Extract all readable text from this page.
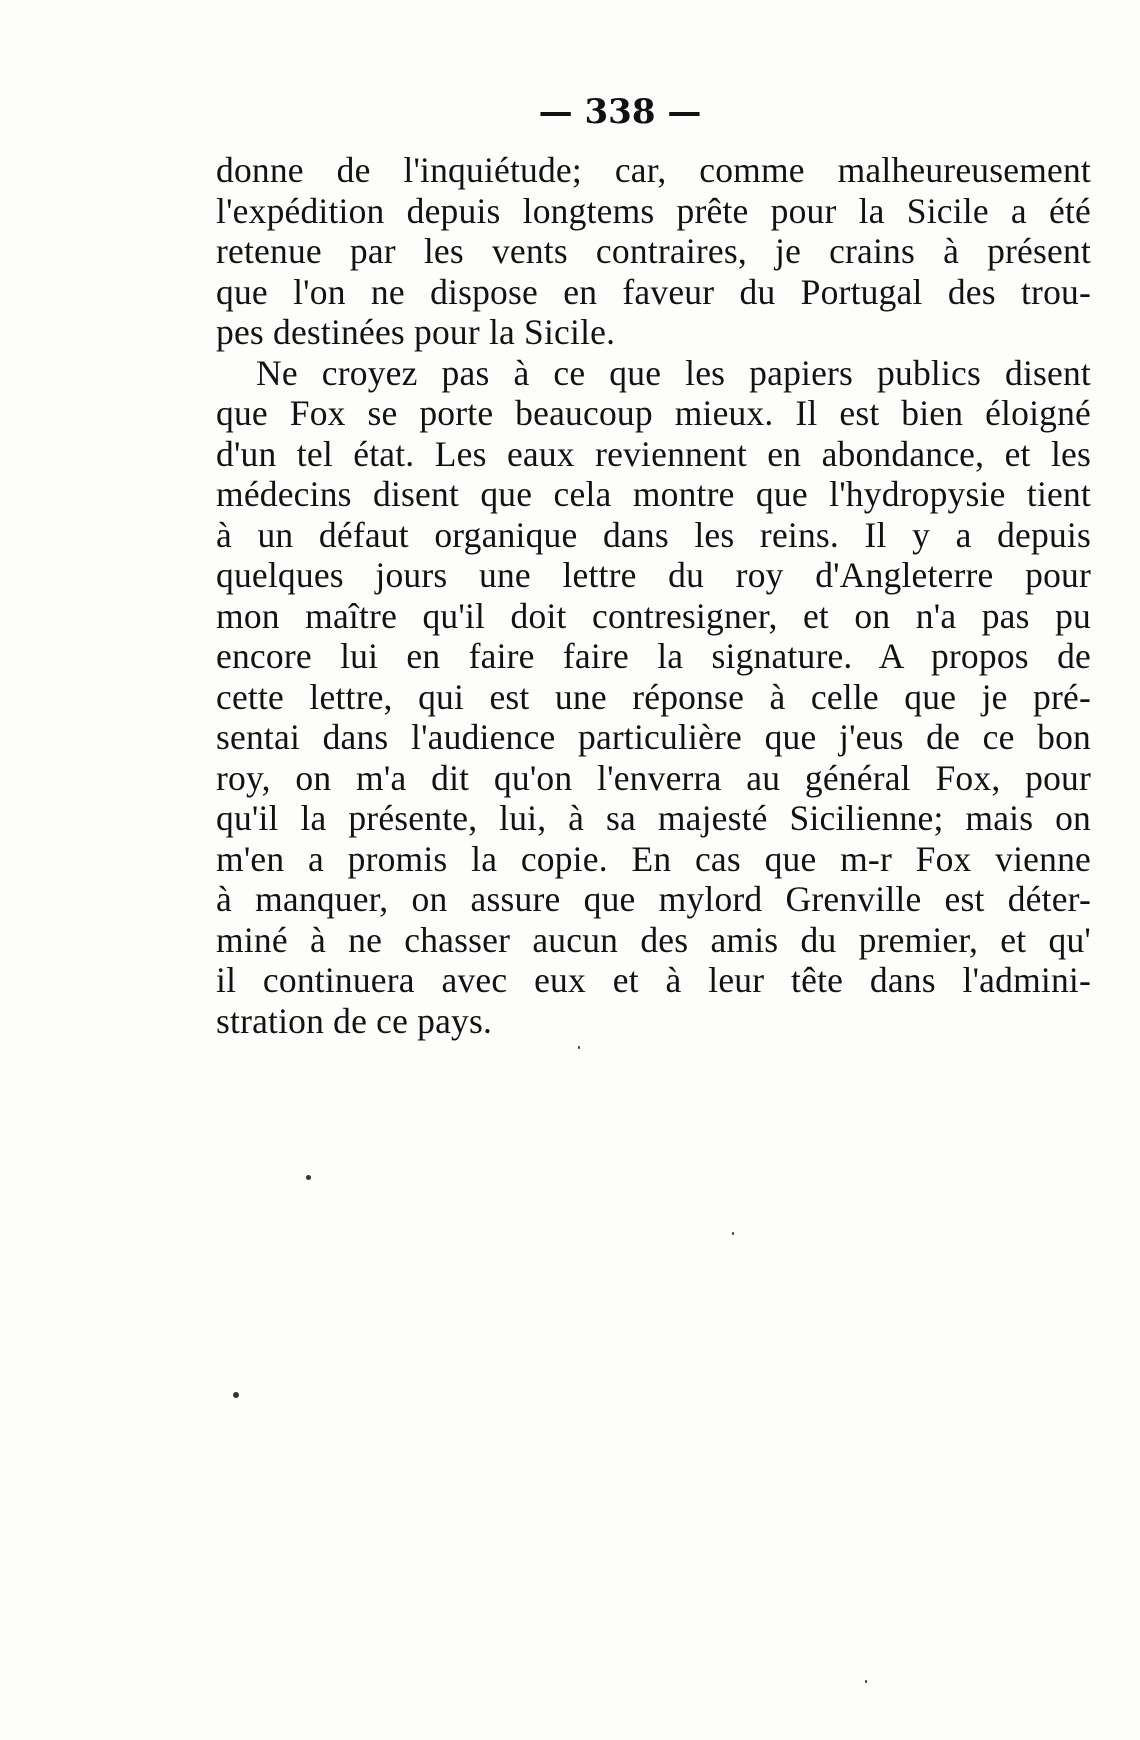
— 338 —
donne de l'inquiétude; car, comme malheureusement
l'expédition depuis longtems prête pour la Sicile a été
retenue par les vents contraires, je crains à présent
que l'on ne dispose en faveur du Portugal des trou-
pes destinées pour la Sicile.
Ne croyez pas à ce que les papiers publics disent
que Fox se porte beaucoup mieux. Il est bien éloigné
d'un tel état. Les eaux reviennent en abondance, et les
médecins disent que cela montre que l'hydropysie tient
à un défaut organique dans les reins. Il y a depuis
quelques jours une lettre du roy d'Angleterre pour
mon maître qu'il doit contresigner, et on n'a pas pu
encore lui en faire faire la signature. A propos de
cette lettre, qui est une réponse à celle que je pré-
sentai dans l'audience particulière que j'eus de ce bon
roy, on m'a dit qu'on l'enverra au général Fox, pour
qu'il la présente, lui, à sa majesté Sicilienne; mais on
m'en a promis la copie. En cas que m-r Fox vienne
à manquer, on assure que mylord Grenville est déter-
miné à ne chasser aucun des amis du premier, et qu'
il continuera avec eux et à leur tête dans l'admini-
stration de ce pays.
